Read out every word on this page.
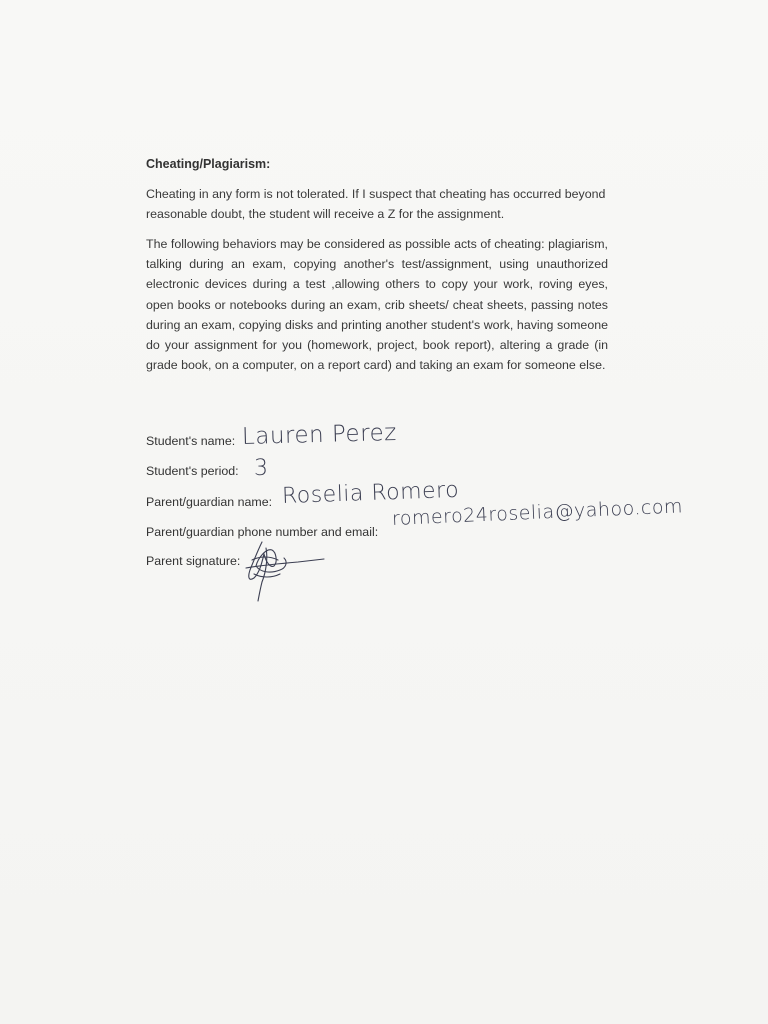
Cheating/Plagiarism:
Cheating in any form is not tolerated. If I suspect that cheating has occurred beyond reasonable doubt, the student will receive a Z for the assignment.
The following behaviors may be considered as possible acts of cheating: plagiarism, talking during an exam, copying another's test/assignment, using unauthorized electronic devices during a test ,allowing others to copy your work, roving eyes, open books or notebooks during an exam, crib sheets/ cheat sheets, passing notes during an exam, copying disks and printing another student's work, having someone do your assignment for you (homework, project, book report), altering a grade (in grade book, on a computer, on a report card) and taking an exam for someone else.
Student's name: Lauren Perez
Student's period: 3
Parent/guardian name: Roselia Romero
Parent/guardian phone number and email:
romero24roselia@yahoo.com
Parent signature:
